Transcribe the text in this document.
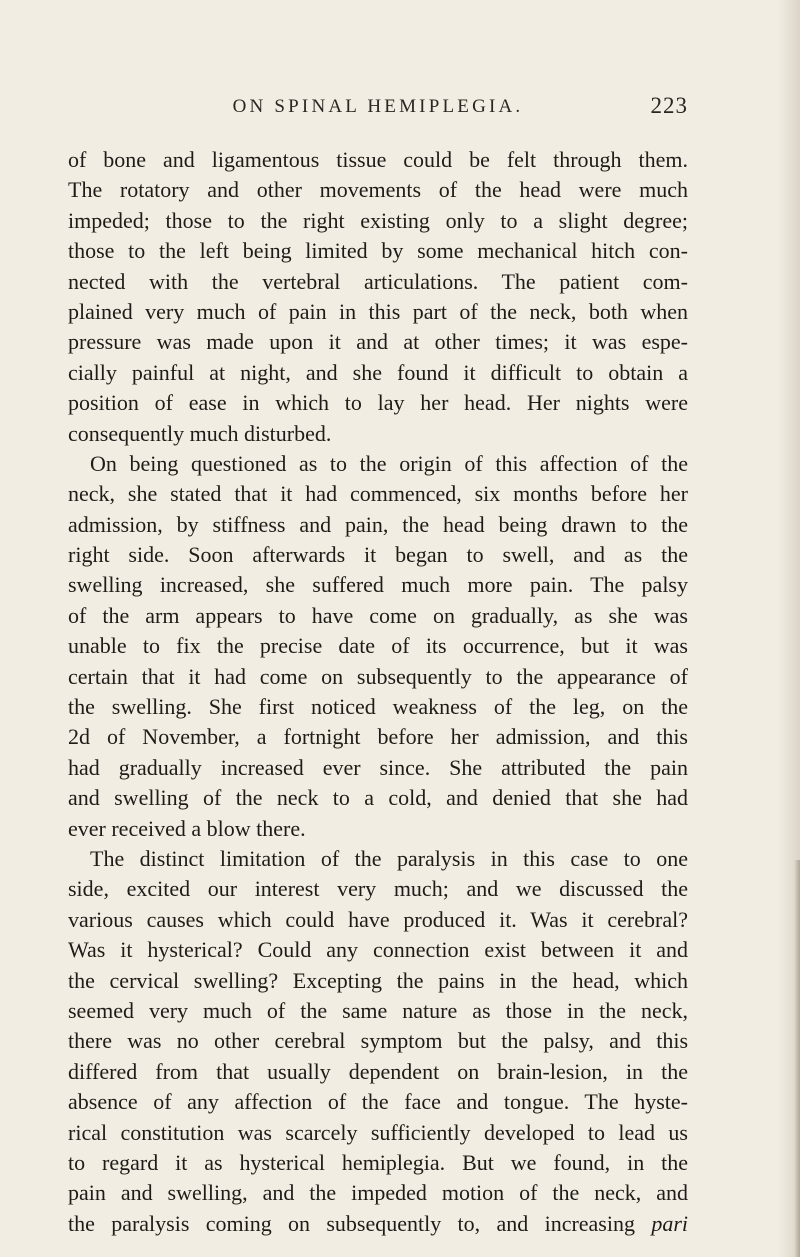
ON SPINAL HEMIPLEGIA.	223
of bone and ligamentous tissue could be felt through them.
The rotatory and other movements of the head were much
impeded; those to the right existing only to a slight degree;
those to the left being limited by some mechanical hitch con-
nected with the vertebral articulations. The patient com-
plained very much of pain in this part of the neck, both when
pressure was made upon it and at other times; it was espe-
cially painful at night, and she found it difficult to obtain a
position of ease in which to lay her head. Her nights were
consequently much disturbed.
On being questioned as to the origin of this affection of the
neck, she stated that it had commenced, six months before her
admission, by stiffness and pain, the head being drawn to the
right side. Soon afterwards it began to swell, and as the
swelling increased, she suffered much more pain. The palsy
of the arm appears to have come on gradually, as she was
unable to fix the precise date of its occurrence, but it was
certain that it had come on subsequently to the appearance of
the swelling. She first noticed weakness of the leg, on the
2d of November, a fortnight before her admission, and this
had gradually increased ever since. She attributed the pain
and swelling of the neck to a cold, and denied that she had
ever received a blow there.
The distinct limitation of the paralysis in this case to one
side, excited our interest very much; and we discussed the
various causes which could have produced it. Was it cerebral?
Was it hysterical? Could any connection exist between it and
the cervical swelling? Excepting the pains in the head, which
seemed very much of the same nature as those in the neck,
there was no other cerebral symptom but the palsy, and this
differed from that usually dependent on brain-lesion, in the
absence of any affection of the face and tongue. The hyste-
rical constitution was scarcely sufficiently developed to lead us
to regard it as hysterical hemiplegia. But we found, in the
pain and swelling, and the impeded motion of the neck, and
the paralysis coming on subsequently to, and increasing pari
